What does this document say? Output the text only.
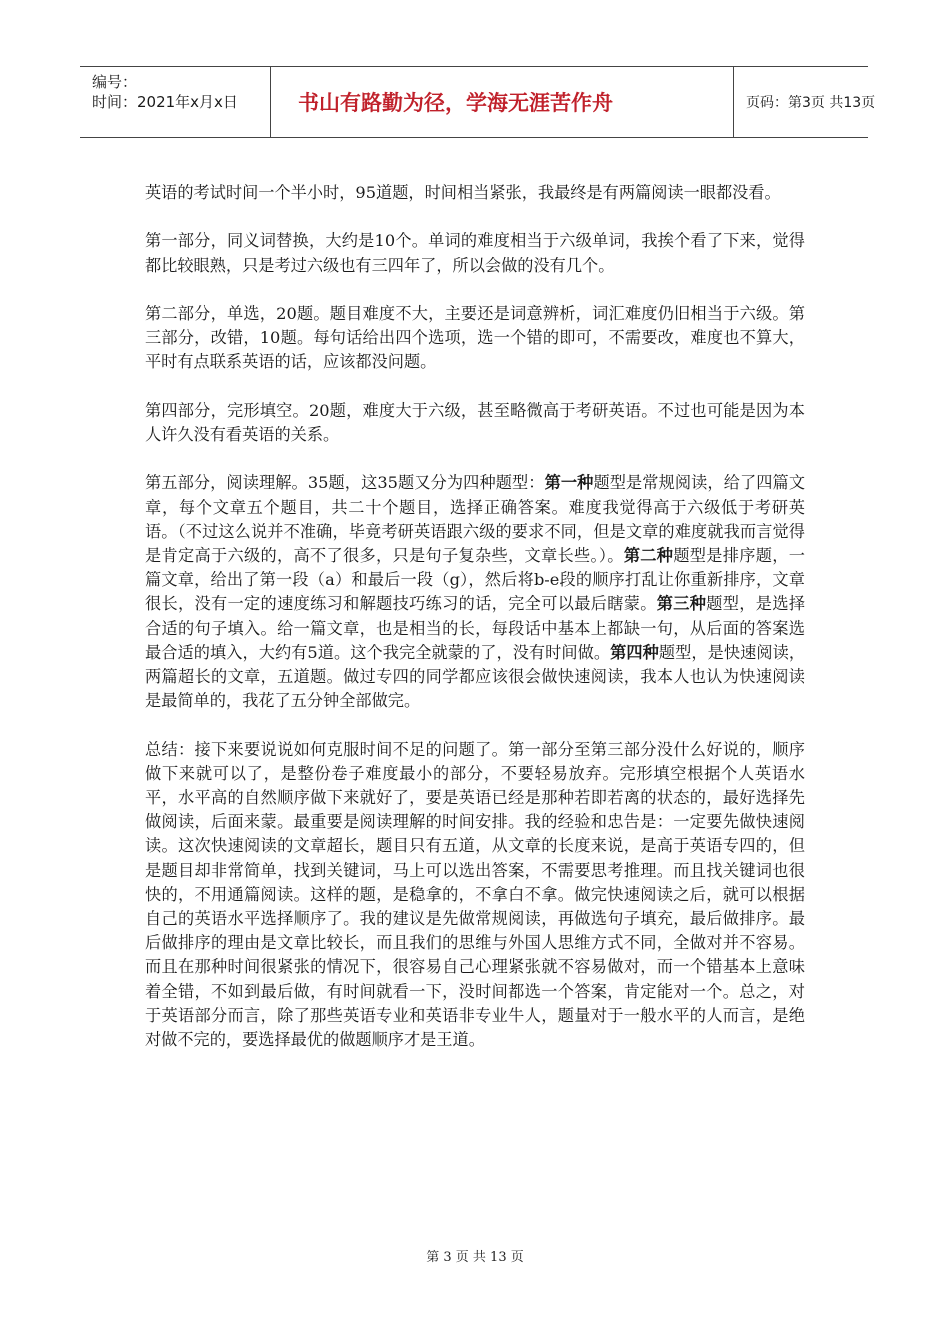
编号：
时间：2021年x月x日	书山有路勤为径，学海无涯苦作舟	页码：第3页 共13页

英语的考试时间一个半小时，95道题，时间相当紧张，我最终是有两篇阅读一眼都没看。

第一部分，同义词替换，大约是10个。单词的难度相当于六级单词，我挨个看了下来，觉得都比较眼熟，只是考过六级也有三四年了，所以会做的没有几个。

第二部分，单选，20题。题目难度不大，主要还是词意辨析，词汇难度仍旧相当于六级。第三部分，改错，10题。每句话给出四个选项，选一个错的即可，不需要改，难度也不算大，平时有点联系英语的话，应该都没问题。

第四部分，完形填空。20题，难度大于六级，甚至略微高于考研英语。不过也可能是因为本人许久没有看英语的关系。

第五部分，阅读理解。35题，这35题又分为四种题型：第一种题型是常规阅读，给了四篇文章，每个文章五个题目，共二十个题目，选择正确答案。难度我觉得高于六级低于考研英语。（不过这么说并不准确，毕竟考研英语跟六级的要求不同，但是文章的难度就我而言觉得是肯定高于六级的，高不了很多，只是句子复杂些，文章长些。）。第二种题型是排序题，一篇文章，给出了第一段（a）和最后一段（g），然后将b-e段的顺序打乱让你重新排序，文章很长，没有一定的速度练习和解题技巧练习的话，完全可以最后瞎蒙。第三种题型，是选择合适的句子填入。给一篇文章，也是相当的长，每段话中基本上都缺一句，从后面的答案选最合适的填入，大约有5道。这个我完全就蒙的了，没有时间做。第四种题型，是快速阅读，两篇超长的文章，五道题。做过专四的同学都应该很会做快速阅读，我本人也认为快速阅读是最简单的，我花了五分钟全部做完。

总结：接下来要说说如何克服时间不足的问题了。第一部分至第三部分没什么好说的，顺序做下来就可以了，是整份卷子难度最小的部分，不要轻易放弃。完形填空根据个人英语水平，水平高的自然顺序做下来就好了，要是英语已经是那种若即若离的状态的，最好选择先做阅读，后面来蒙。最重要是阅读理解的时间安排。我的经验和忠告是：一定要先做快速阅读。这次快速阅读的文章超长，题目只有五道，从文章的长度来说，是高于英语专四的，但是题目却非常简单，找到关键词，马上可以选出答案，不需要思考推理。而且找关键词也很快的，不用通篇阅读。这样的题，是稳拿的，不拿白不拿。做完快速阅读之后，就可以根据自己的英语水平选择顺序了。我的建议是先做常规阅读，再做选句子填充，最后做排序。最后做排序的理由是文章比较长，而且我们的思维与外国人思维方式不同，全做对并不容易。而且在那种时间很紧张的情况下，很容易自己心理紧张就不容易做对，而一个错基本上意味着全错，不如到最后做，有时间就看一下，没时间都选一个答案，肯定能对一个。总之，对于英语部分而言，除了那些英语专业和英语非专业牛人，题量对于一般水平的人而言，是绝对做不完的，要选择最优的做题顺序才是王道。

第 3 页 共 13 页
